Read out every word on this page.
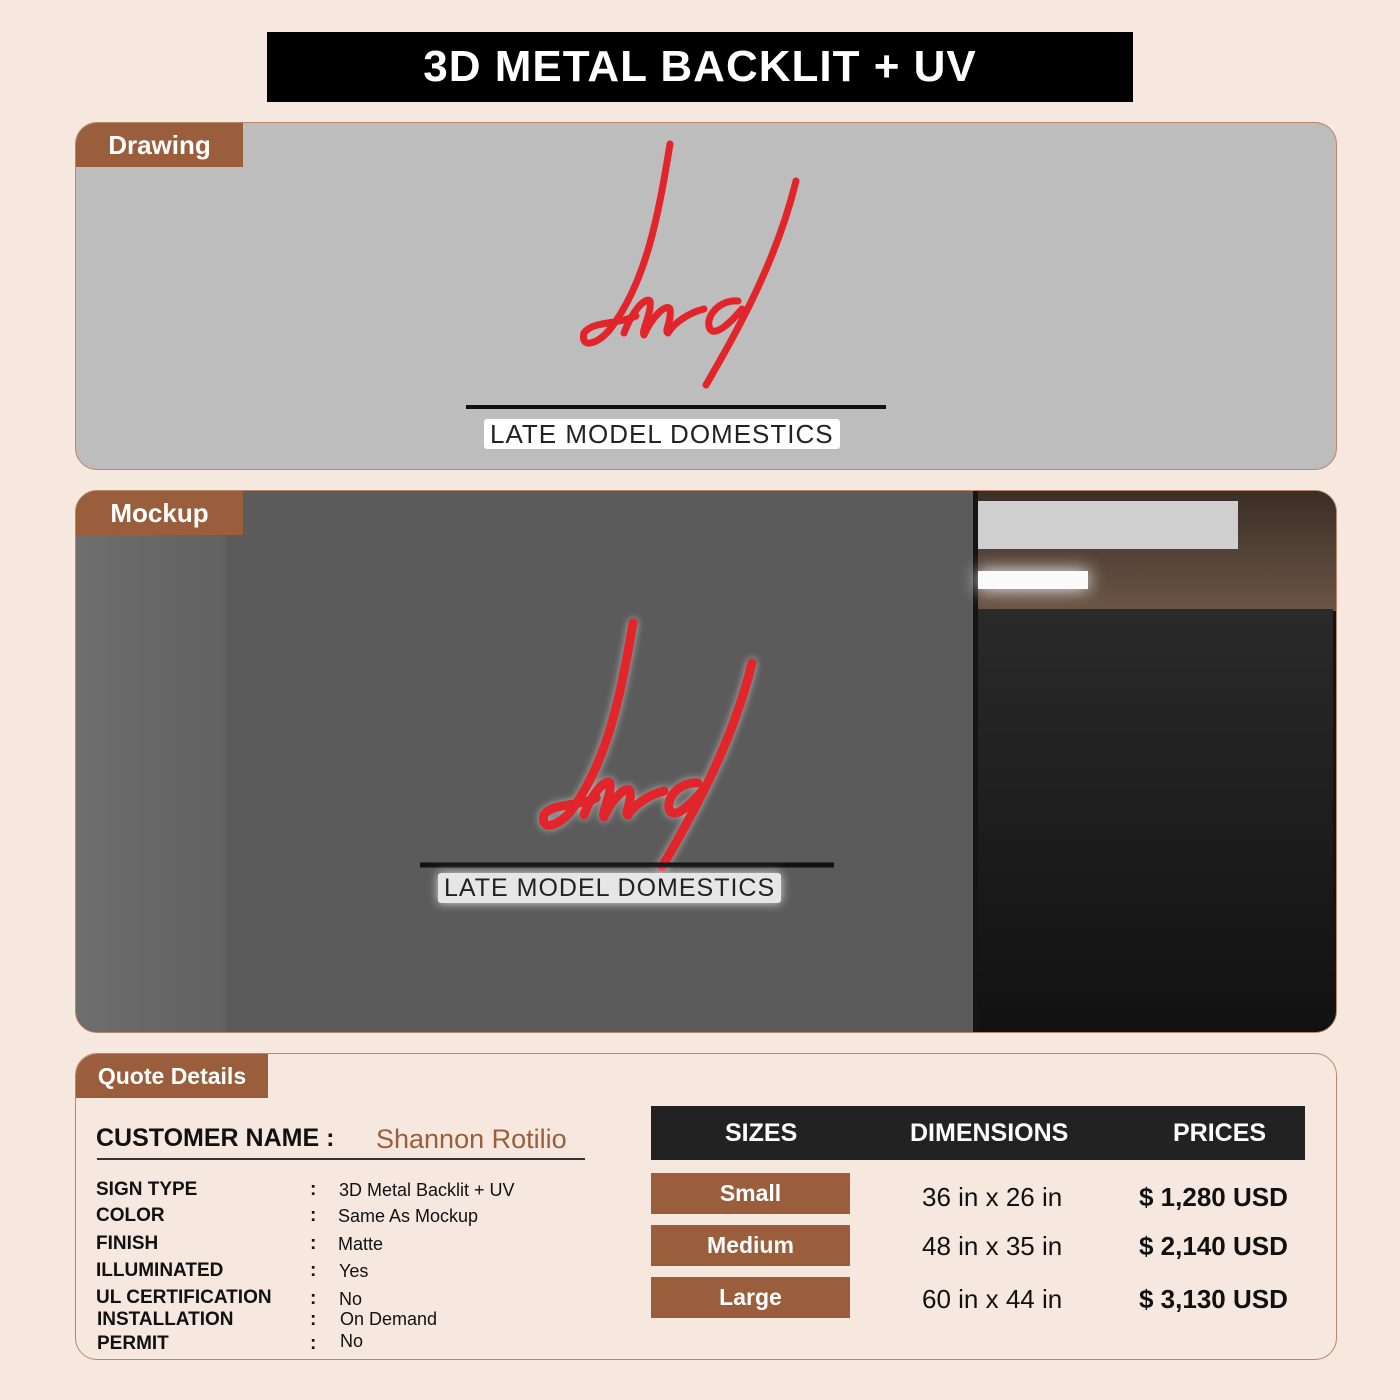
3D METAL BACKLIT + UV
Drawing
LATE MODEL DOMESTICS
Mockup
LATE MODEL DOMESTICS
Quote Details
CUSTOMER NAME : Shannon Rotilio
SIGN TYPE	: 3D Metal Backlit + UV
COLOR	: Same As Mockup
FINISH	: Matte
ILLUMINATED	: Yes
UL CERTIFICATION : No
INSTALLATION	: On Demand
PERMIT	: No
SIZES	DIMENSIONS	PRICES
Small	36 in x 26 in	$ 1,280 USD
Medium	48 in x 35 in	$ 2,140 USD
Large	60 in x 44 in	$ 3,130 USD
